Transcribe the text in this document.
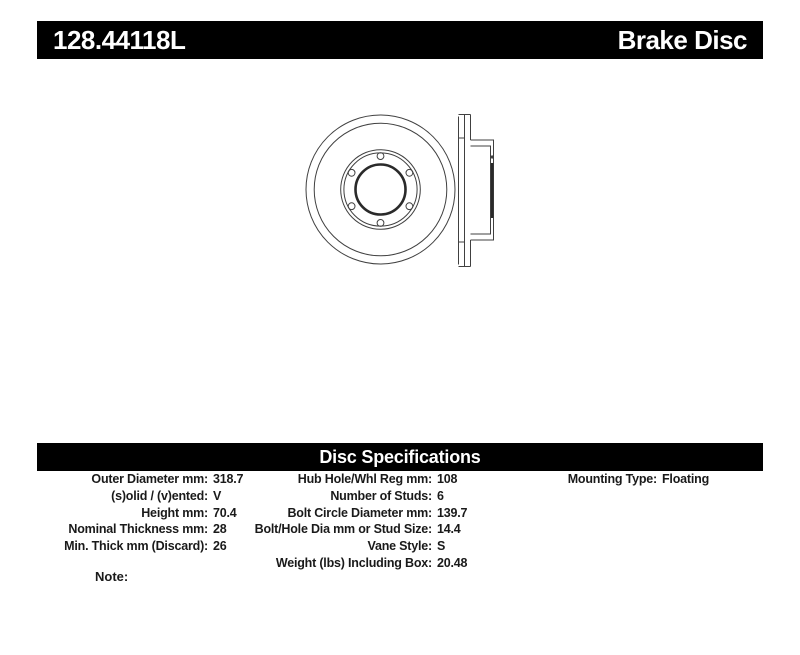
128.44118L	Brake Disc
Disc Specifications
Outer Diameter mm: 318.7
(s)olid / (v)ented: V
Height mm: 70.4
Nominal Thickness mm: 28
Min. Thick mm (Discard): 26
Hub Hole/Whl Reg mm: 108
Number of Studs: 6
Bolt Circle Diameter mm: 139.7
Bolt/Hole Dia mm or Stud Size: 14.4
Vane Style: S
Weight (lbs) Including Box: 20.48
Mounting Type: Floating
Note:
